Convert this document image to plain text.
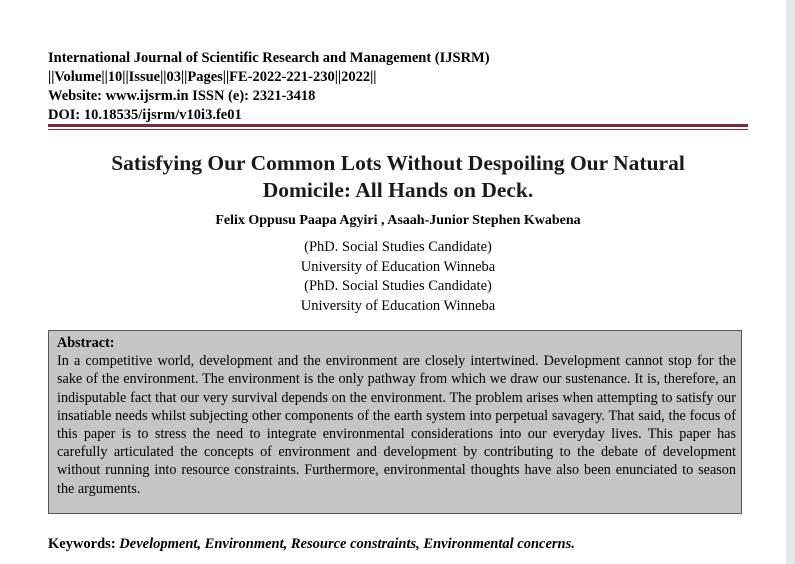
International Journal of Scientific Research and Management (IJSRM)
||Volume||10||Issue||03||Pages||FE-2022-221-230||2022||
Website: www.ijsrm.in ISSN (e): 2321-3418
DOI: 10.18535/ijsrm/v10i3.fe01
Satisfying Our Common Lots Without Despoiling Our Natural
Domicile: All Hands on Deck.
Felix Oppusu Paapa Agyiri , Asaah-Junior Stephen Kwabena
(PhD. Social Studies Candidate)
University of Education Winneba
(PhD. Social Studies Candidate)
University of Education Winneba
Abstract:
In a competitive world, development and the environment are closely intertwined. Development cannot stop for the sake of the environment. The environment is the only pathway from which we draw our sustenance. It is, therefore, an indisputable fact that our very survival depends on the environment. The problem arises when attempting to satisfy our insatiable needs whilst subjecting other components of the earth system into perpetual savagery. That said, the focus of this paper is to stress the need to integrate environmental considerations into our everyday lives. This paper has carefully articulated the concepts of environment and development by contributing to the debate of development without running into resource constraints. Furthermore, environmental thoughts have also been enunciated to season the arguments.
Keywords: Development, Environment, Resource constraints, Environmental concerns.
